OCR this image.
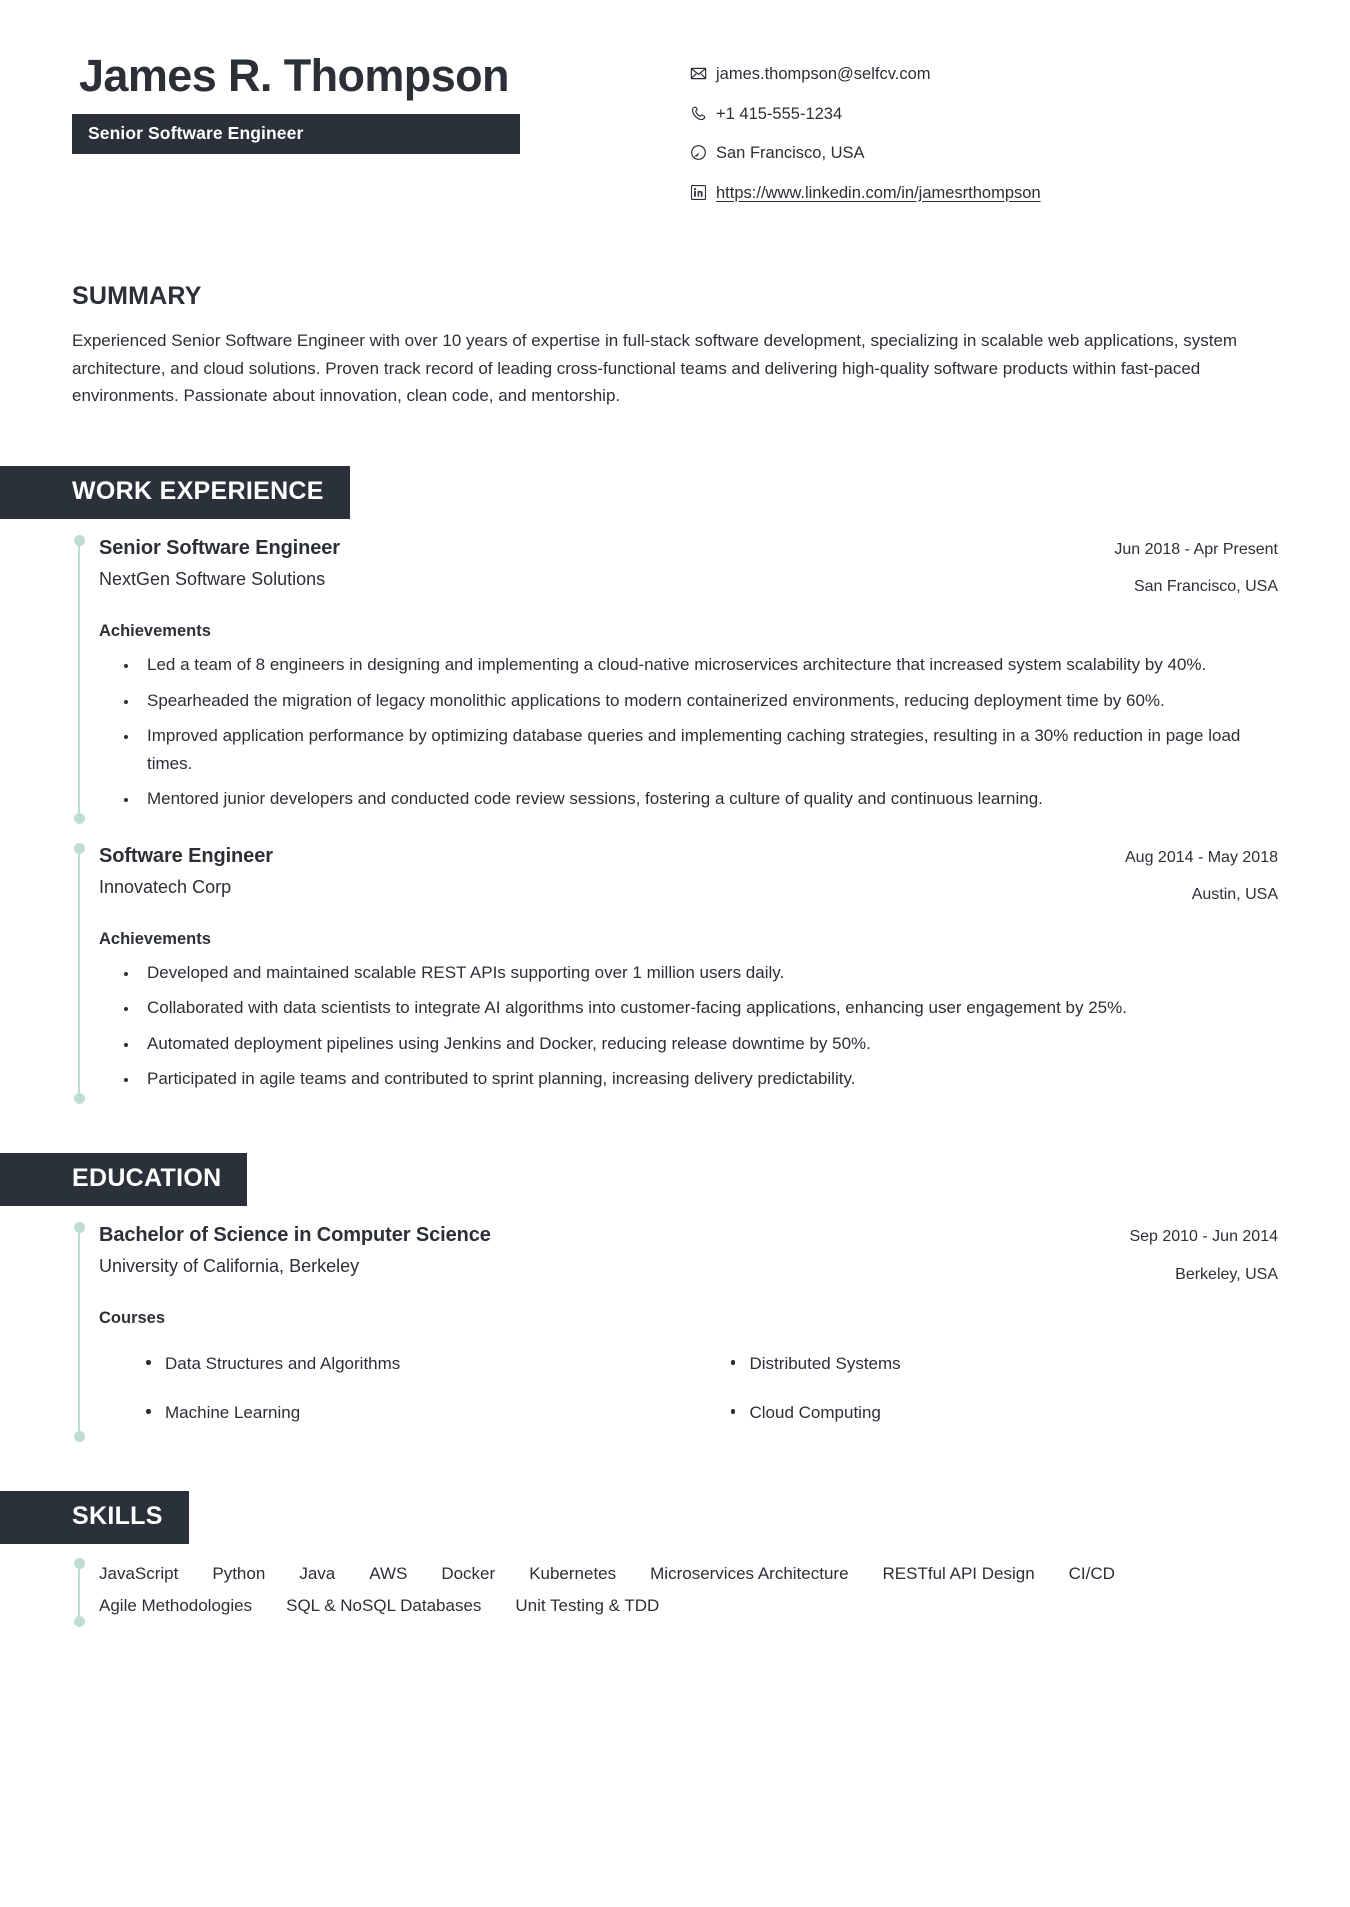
James R. Thompson
Senior Software Engineer
james.thompson@selfcv.com
+1 415-555-1234
San Francisco, USA
https://www.linkedin.com/in/jamesrthompson
SUMMARY
Experienced Senior Software Engineer with over 10 years of expertise in full-stack software development, specializing in scalable web applications, system architecture, and cloud solutions. Proven track record of leading cross-functional teams and delivering high-quality software products within fast-paced environments. Passionate about innovation, clean code, and mentorship.
WORK EXPERIENCE
Senior Software Engineer
NextGen Software Solutions
Jun 2018 - Apr Present
San Francisco, USA
Achievements
• Led a team of 8 engineers in designing and implementing a cloud-native microservices architecture that increased system scalability by 40%.
• Spearheaded the migration of legacy monolithic applications to modern containerized environments, reducing deployment time by 60%.
• Improved application performance by optimizing database queries and implementing caching strategies, resulting in a 30% reduction in page load times.
• Mentored junior developers and conducted code review sessions, fostering a culture of quality and continuous learning.
Software Engineer
Innovatech Corp
Aug 2014 - May 2018
Austin, USA
Achievements
• Developed and maintained scalable REST APIs supporting over 1 million users daily.
• Collaborated with data scientists to integrate AI algorithms into customer-facing applications, enhancing user engagement by 25%.
• Automated deployment pipelines using Jenkins and Docker, reducing release downtime by 50%.
• Participated in agile teams and contributed to sprint planning, increasing delivery predictability.
EDUCATION
Bachelor of Science in Computer Science
University of California, Berkeley
Sep 2010 - Jun 2014
Berkeley, USA
Courses
Data Structures and Algorithms	Distributed Systems
Machine Learning	Cloud Computing
SKILLS
JavaScript Python Java AWS Docker Kubernetes Microservices Architecture RESTful API Design CI/CD
Agile Methodologies SQL & NoSQL Databases Unit Testing & TDD
